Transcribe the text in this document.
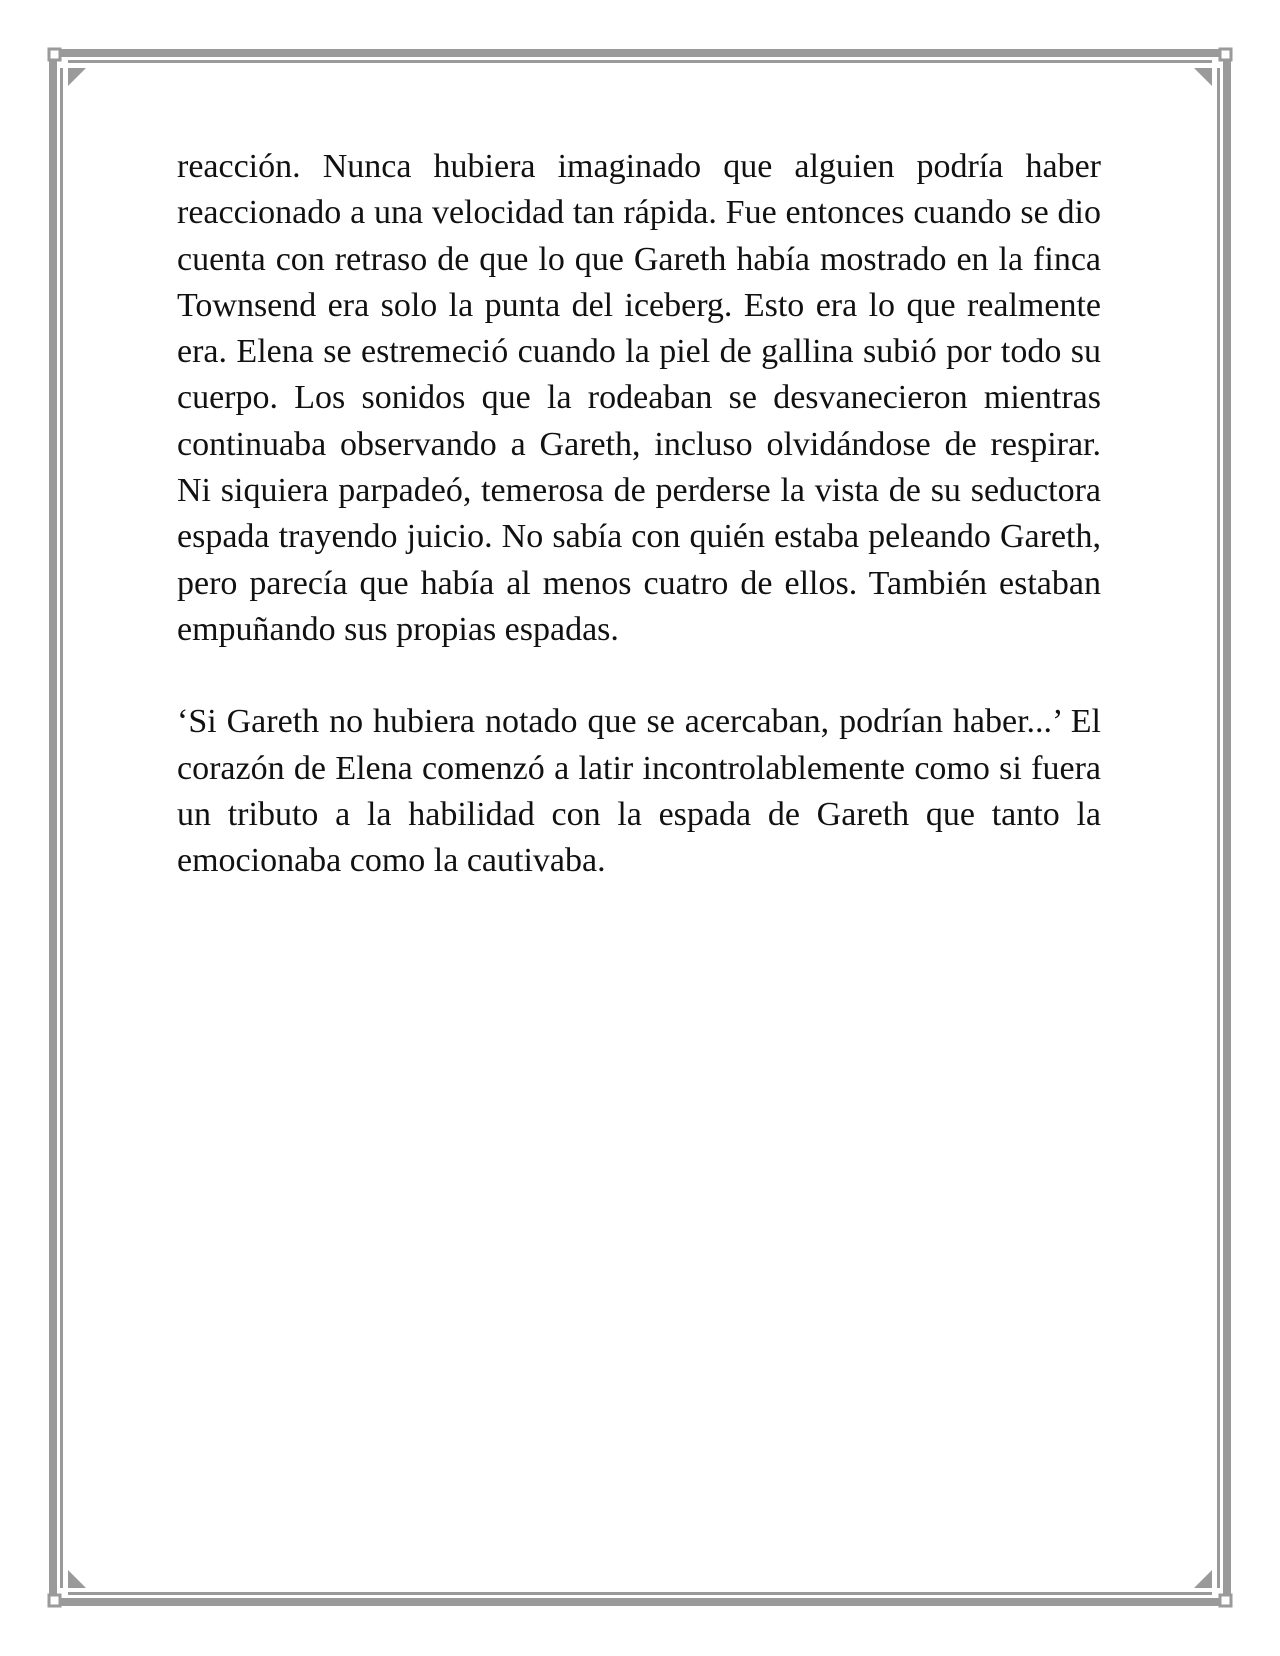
reacción. Nunca hubiera imaginado que alguien podría haber reaccionado a una velocidad tan rápida. Fue entonces cuando se dio cuenta con retraso de que lo que Gareth había mostrado en la finca Townsend era solo la punta del iceberg. Esto era lo que realmente era. Elena se estremeció cuando la piel de gallina subió por todo su cuerpo. Los sonidos que la rodeaban se desvanecieron mientras continuaba observando a Gareth, incluso olvidándose de respirar. Ni siquiera parpadeó, temerosa de perderse la vista de su seductora espada trayendo juicio. No sabía con quién estaba peleando Gareth, pero parecía que había al menos cuatro de ellos. También estaban empuñando sus propias espadas.

‘Si Gareth no hubiera notado que se acercaban, podrían haber...’ El corazón de Elena comenzó a latir incontrolablemente como si fuera un tributo a la habilidad con la espada de Gareth que tanto la emocionaba como la cautivaba.
